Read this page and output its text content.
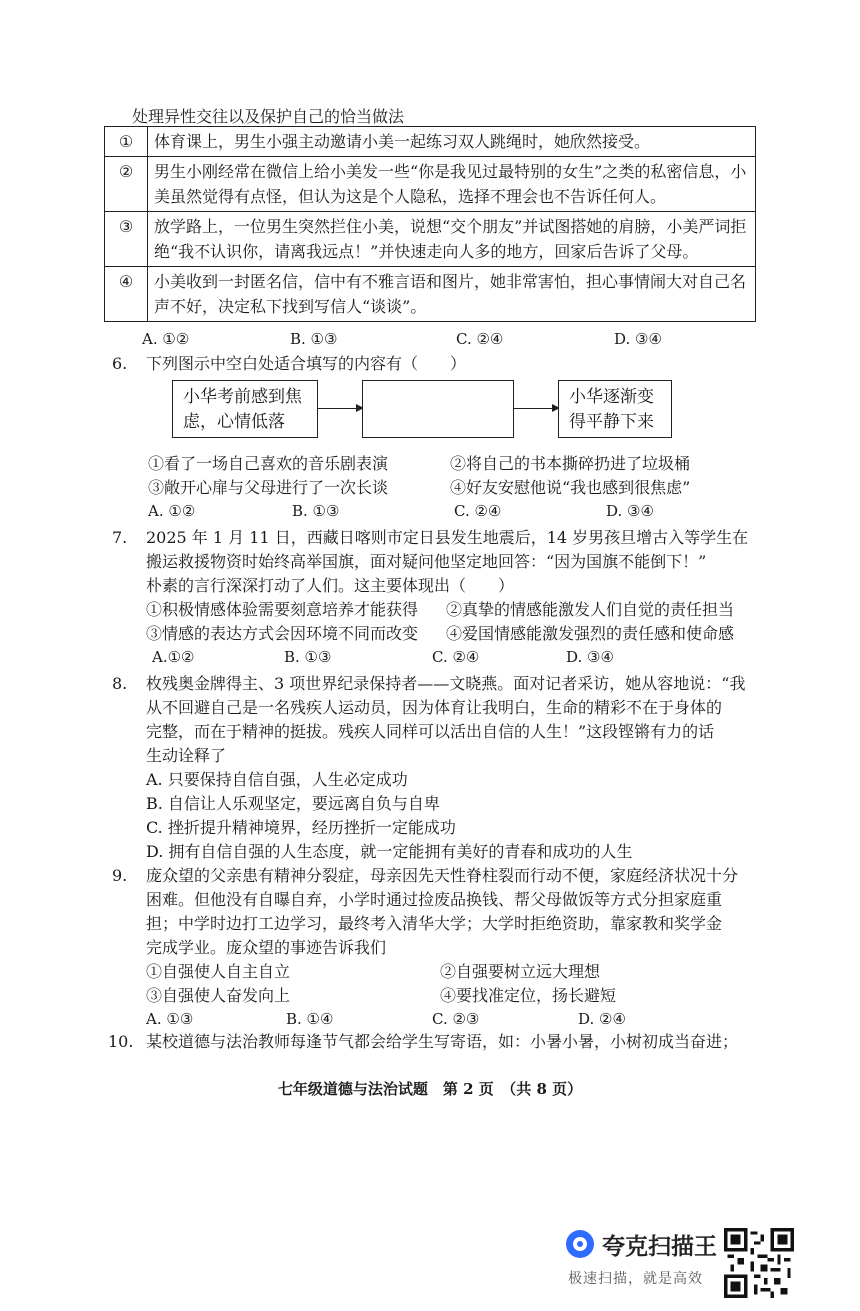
处理异性交往以及保护自己的恰当做法
①	体育课上，男生小强主动邀请小美一起练习双人跳绳时，她欣然接受。
②	男生小刚经常在微信上给小美发一些“你是我见过最特别的女生”之类的私密信息，小美虽然觉得有点怪，但认为这是个人隐私，选择不理会也不告诉任何人。
③	放学路上，一位男生突然拦住小美，说想“交个朋友”并试图搭她的肩膀，小美严词拒绝“我不认识你，请离我远点！”并快速走向人多的地方，回家后告诉了父母。
④	小美收到一封匿名信，信中有不雅言语和图片，她非常害怕，担心事情闹大对自己名声不好，决定私下找到写信人“谈谈”。
A. ①②	B. ①③	C. ②④	D. ③④
6. 下列图示中空白处适合填写的内容有（　　）
小华考前感到焦虑，心情低落
小华逐渐变得平静下来
①看了一场自己喜欢的音乐剧表演	②将自己的书本撕碎扔进了垃圾桶
③敞开心扉与父母进行了一次长谈	④好友安慰他说“我也感到很焦虑”
A. ①②	B. ①③	C. ②④	D. ③④
7. 2025 年 1 月 11 日，西藏日喀则市定日县发生地震后，14 岁男孩旦增古入等学生在
搬运救援物资时始终高举国旗，面对疑问他坚定地回答：“因为国旗不能倒下！”
朴素的言行深深打动了人们。这主要体现出（　　）
①积极情感体验需要刻意培养才能获得 ②真挚的情感能激发人们自觉的责任担当
③情感的表达方式会因环境不同而改变 ④爱国情感能激发强烈的责任感和使命感
A.①②	B. ①③	C. ②④	D. ③④
8. 枚残奥金牌得主、3 项世界纪录保持者——文晓燕。面对记者采访，她从容地说：“我
从不回避自己是一名残疾人运动员，因为体育让我明白，生命的精彩不在于身体的
完整，而在于精神的挺拔。残疾人同样可以活出自信的人生！”这段铿锵有力的话
生动诠释了
A. 只要保持自信自强，人生必定成功
B. 自信让人乐观坚定，要远离自负与自卑
C. 挫折提升精神境界，经历挫折一定能成功
D. 拥有自信自强的人生态度，就一定能拥有美好的青春和成功的人生
9. 庞众望的父亲患有精神分裂症，母亲因先天性脊柱裂而行动不便，家庭经济状况十分
困难。但他没有自曝自弃，小学时通过捡废品换钱、帮父母做饭等方式分担家庭重
担；中学时边打工边学习，最终考入清华大学；大学时拒绝资助，靠家教和奖学金
完成学业。庞众望的事迹告诉我们
①自强使人自主自立	②自强要树立远大理想
③自强使人奋发向上	④要找准定位，扬长避短
A. ①③	B. ①④	C. ②③	D. ②④
10. 某校道德与法治教师每逢节气都会给学生写寄语，如：小暑小暑，小树初成当奋进；
七年级道德与法治试题　第 2 页　（共 8 页）
夸克扫描王
极速扫描，就是高效
